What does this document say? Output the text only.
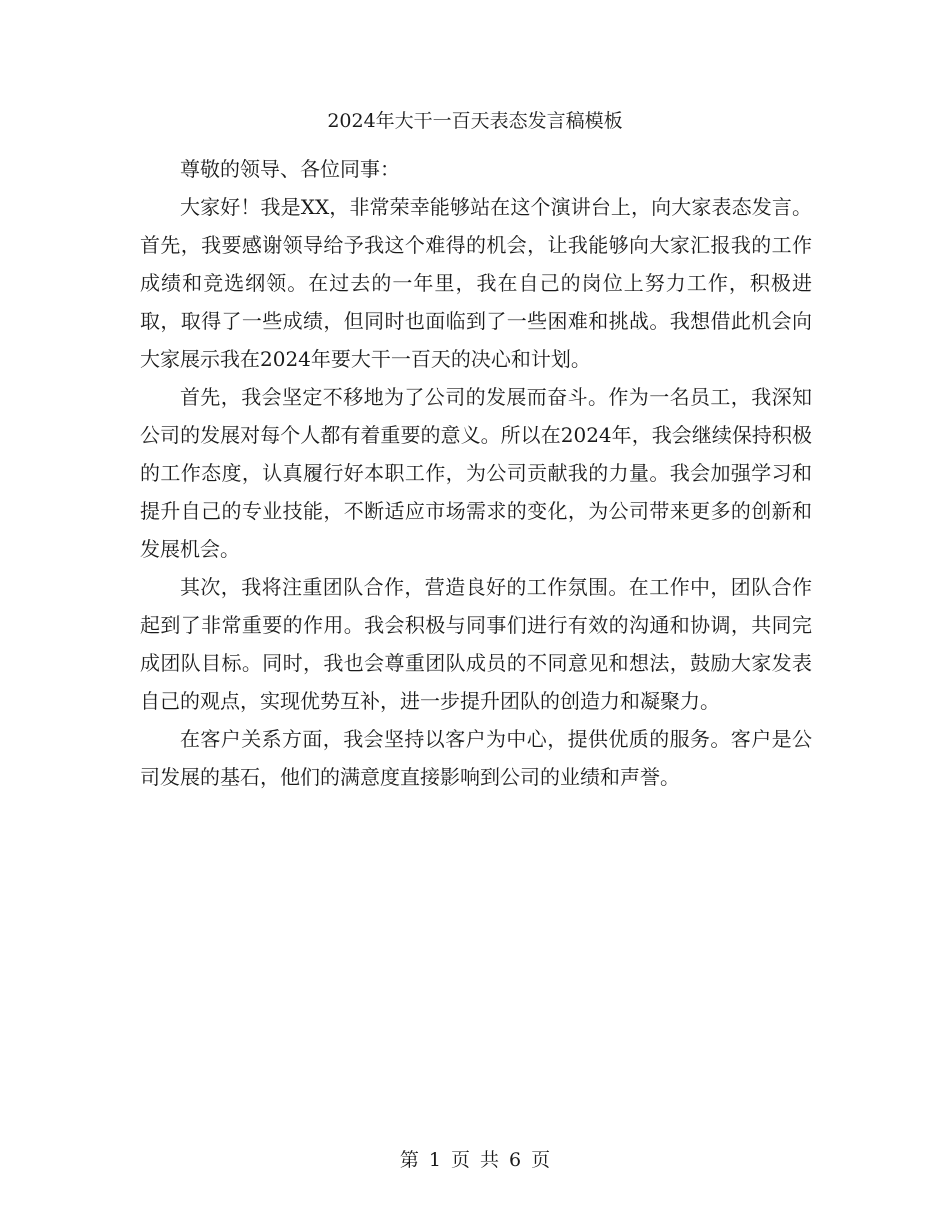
2024年大干一百天表态发言稿模板

尊敬的领导、各位同事：

大家好！我是XX，非常荣幸能够站在这个演讲台上，向大家表态发言。首先，我要感谢领导给予我这个难得的机会，让我能够向大家汇报我的工作成绩和竞选纲领。在过去的一年里，我在自己的岗位上努力工作，积极进取，取得了一些成绩，但同时也面临到了一些困难和挑战。我想借此机会向大家展示我在2024年要大干一百天的决心和计划。

首先，我会坚定不移地为了公司的发展而奋斗。作为一名员工，我深知公司的发展对每个人都有着重要的意义。所以在2024年，我会继续保持积极的工作态度，认真履行好本职工作，为公司贡献我的力量。我会加强学习和提升自己的专业技能，不断适应市场需求的变化，为公司带来更多的创新和发展机会。

其次，我将注重团队合作，营造良好的工作氛围。在工作中，团队合作起到了非常重要的作用。我会积极与同事们进行有效的沟通和协调，共同完成团队目标。同时，我也会尊重团队成员的不同意见和想法，鼓励大家发表自己的观点，实现优势互补，进一步提升团队的创造力和凝聚力。

在客户关系方面，我会坚持以客户为中心，提供优质的服务。客户是公司发展的基石，他们的满意度直接影响到公司的业绩和声誉。

第 1 页 共 6 页
